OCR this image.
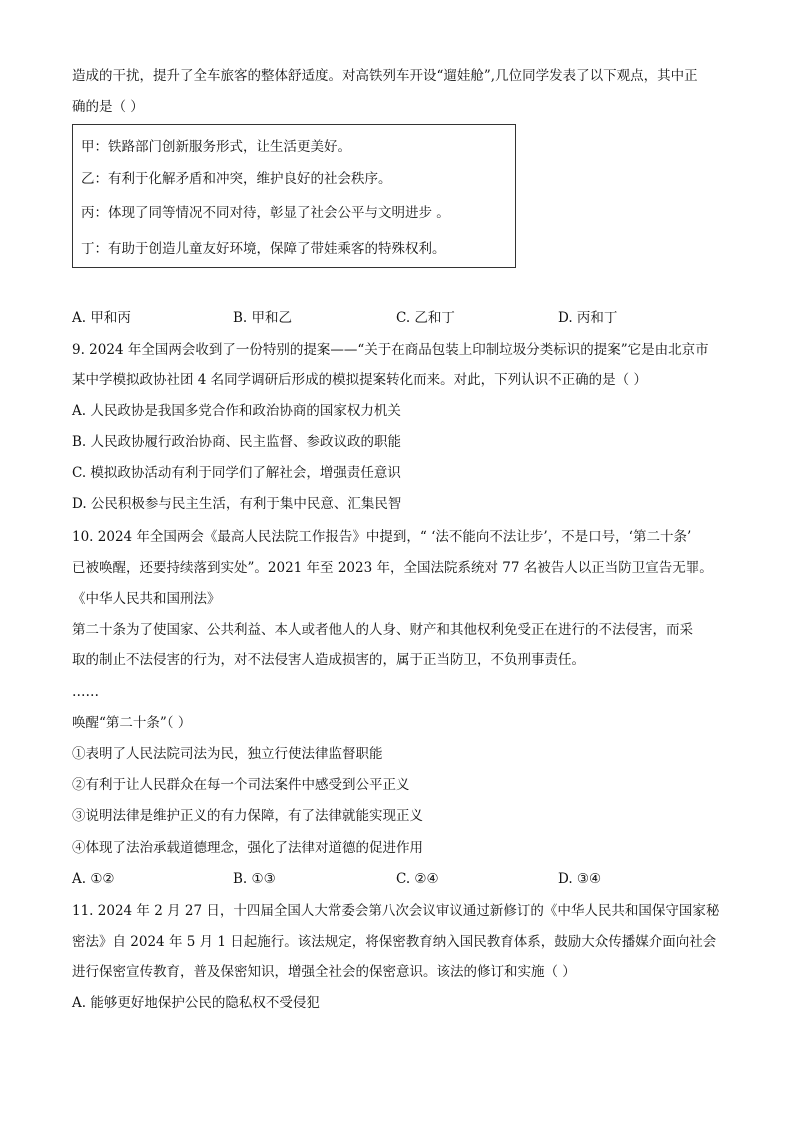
造成的干扰，提升了全车旅客的整体舒适度。对高铁列车开设“遛娃舱”,几位同学发表了以下观点，其中正
确的是（ ）
甲：铁路部门创新服务形式，让生活更美好。
乙：有利于化解矛盾和冲突，维护良好的社会秩序。
丙：体现了同等情况不同对待，彰显了社会公平与文明进步 。
丁：有助于创造儿童友好环境，保障了带娃乘客的特殊权利。
A. 甲和丙	B. 甲和乙	C. 乙和丁	D. 丙和丁
9. 2024 年全国两会收到了一份特别的提案——“关于在商品包装上印制垃圾分类标识的提案”它是由北京市
某中学模拟政协社团 4 名同学调研后形成的模拟提案转化而来。对此，下列认识不正确的是（ ）
A. 人民政协是我国多党合作和政治协商的国家权力机关
B. 人民政协履行政治协商、民主监督、参政议政的职能
C. 模拟政协活动有利于同学们了解社会，增强责任意识
D. 公民积极参与民主生活，有利于集中民意、汇集民智
10. 2024 年全国两会《最高人民法院工作报告》中提到，“ ‘法不能向不法让步’，不是口号，‘第二十条’
已被唤醒，还要持续落到实处”。2021 年至 2023 年，全国法院系统对 77 名被告人以正当防卫宣告无罪。
《中华人民共和国刑法》
第二十条为了使国家、公共利益、本人或者他人的人身、财产和其他权利免受正在进行的不法侵害，而采
取的制止不法侵害的行为，对不法侵害人造成损害的，属于正当防卫，不负刑事责任。
……
唤醒“第二十条”（ ）
①表明了人民法院司法为民，独立行使法律监督职能
②有利于让人民群众在每一个司法案件中感受到公平正义
③说明法律是维护正义的有力保障，有了法律就能实现正义
④体现了法治承载道德理念，强化了法律对道德的促进作用
A. ①②	B. ①③	C. ②④	D. ③④
11. 2024 年 2 月 27 日，十四届全国人大常委会第八次会议审议通过新修订的《中华人民共和国保守国家秘
密法》自 2024 年 5 月 1 日起施行。该法规定，将保密教育纳入国民教育体系，鼓励大众传播媒介面向社会
进行保密宣传教育，普及保密知识，增强全社会的保密意识。该法的修订和实施（ ）
A. 能够更好地保护公民的隐私权不受侵犯
